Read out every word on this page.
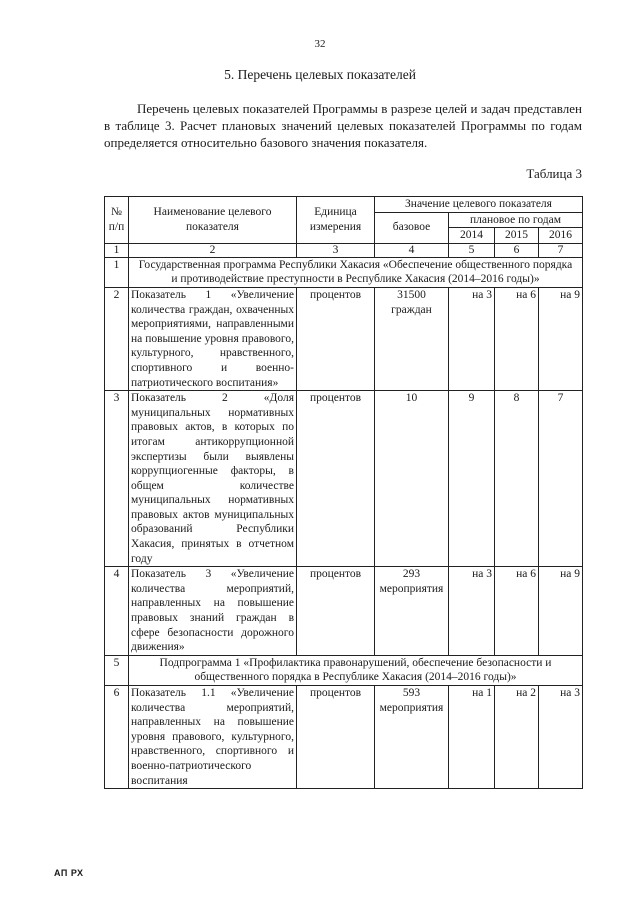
32
5. Перечень целевых показателей

Перечень целевых показателей Программы в разрезе целей и задач представлен в таблице 3. Расчет плановых значений целевых показателей Программы по годам определяется относительно базового значения показателя.

Таблица 3
№ п/п	Наименование целевого показателя	Единица измерения	Значение целевого показателя			
			базовое	плановое по годам		
				2014	2015	2016
1	2	3	4	5	6	7
1	Государственная программа Республики Хакасия «Обеспечение общественного порядка и противодействие преступности в Республике Хакасия (2014–2016 годы)»					
2	Показатель 1 «Увеличение количества граждан, охваченных мероприятиями, направленными на повышение уровня правового, культурного, нравственного, спортивного и военно-патриотического воспитания»	процентов	31500 граждан	на 3	на 6	на 9
3	Показатель 2 «Доля муниципальных нормативных правовых актов, в которых по итогам антикоррупционной экспертизы были выявлены коррупциогенные факторы, в общем количестве муниципальных нормативных правовых актов муниципальных образований Республики Хакасия, принятых в отчетном году	процентов	10	9	8	7
4	Показатель 3 «Увеличение количества мероприятий, направленных на повышение правовых знаний граждан в сфере безопасности дорожного движения»	процентов	293 мероприятия	на 3	на 6	на 9
5	Подпрограмма 1 «Профилактика правонарушений, обеспечение безопасности и общественного порядка в Республике Хакасия (2014–2016 годы)»					
6	Показатель 1.1 «Увеличение количества мероприятий, направленных на повышение уровня правового, культурного, нравственного, спортивного и военно-патриотического воспитания	процентов	593 мероприятия	на 1	на 2	на 3
АП РХ
